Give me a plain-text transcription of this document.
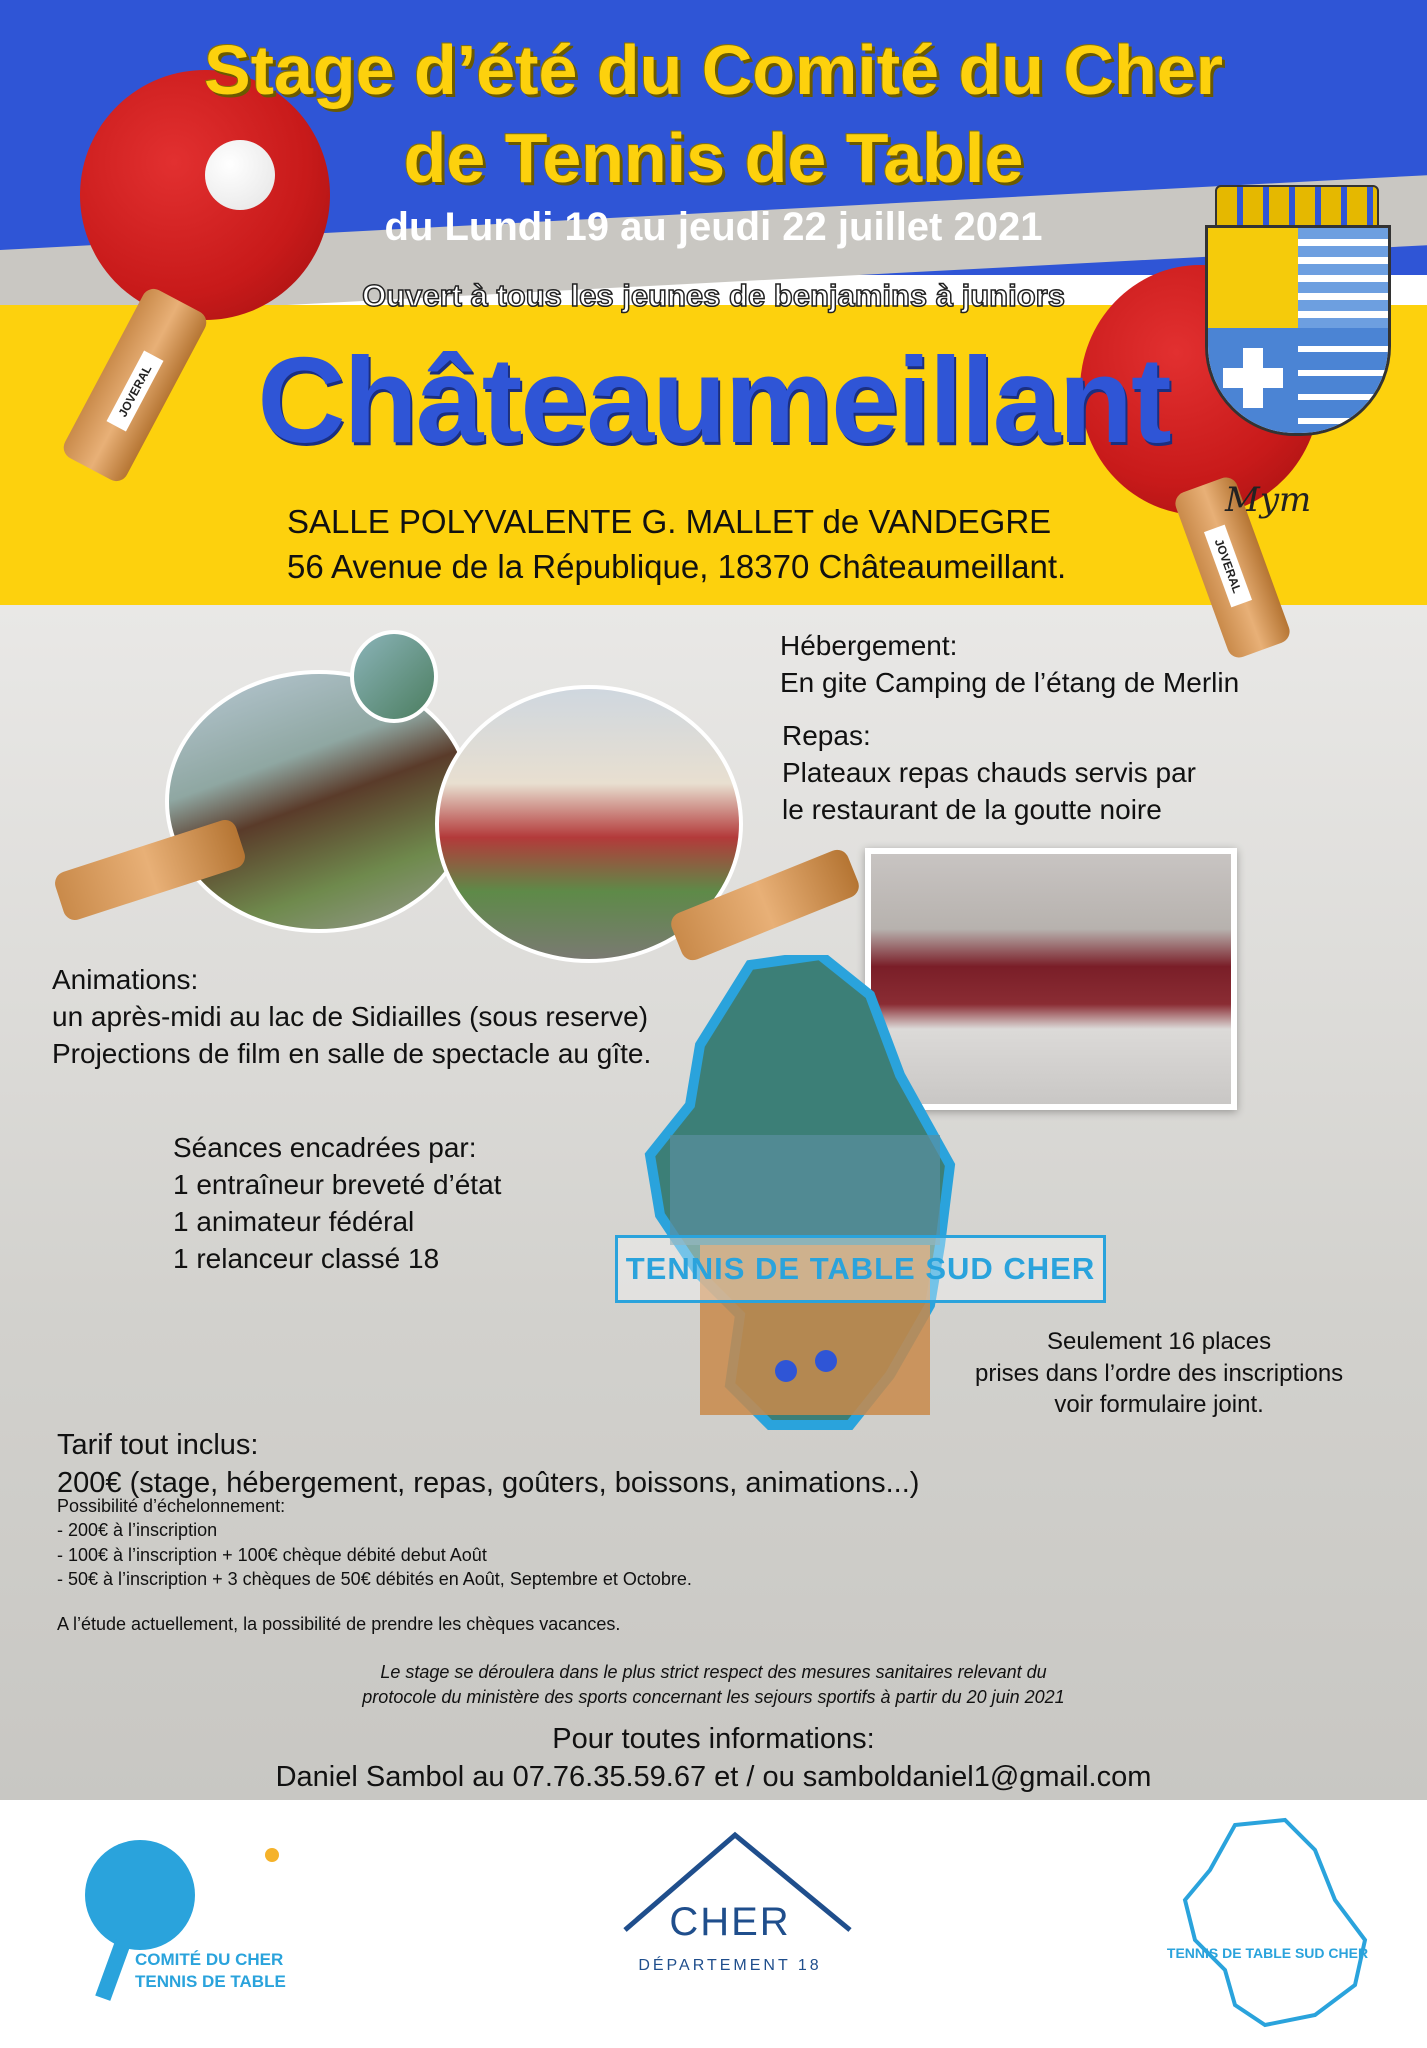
JOVERAL
JOVERAL
Stage d’été du Comité du Cher
de Tennis de Table
du Lundi 19 au jeudi 22 juillet 2021
Ouvert à tous les jeunes de benjamins à juniors
Châteaumeillant
Mym
SALLE POLYVALENTE G. MALLET de VANDEGRE
56 Avenue de la République, 18370 Châteaumeillant.
TENNIS DE TABLE SUD CHER
Hébergement:
En gite Camping de l’étang de Merlin
Repas:
Plateaux repas chauds servis par
le restaurant de la goutte noire
Animations:
un après-midi au lac de Sidiailles (sous reserve)
Projections de film en salle de spectacle au gîte.
Séances encadrées par:
1 entraîneur breveté d’état
1 animateur fédéral
1 relanceur classé 18
Seulement 16 places
prises dans l’ordre des inscriptions
voir formulaire joint.
Tarif tout inclus:
200€ (stage, hébergement, repas, goûters, boissons, animations...)
Possibilité d’échelonnement:
- 200€ à l’inscription
- 100€ à l’inscription + 100€ chèque débité debut Août
- 50€ à l’inscription + 3 chèques de 50€ débités en Août, Septembre et Octobre.
A l’étude actuellement, la possibilité de prendre les chèques vacances.
Le stage se déroulera dans le plus strict respect des mesures sanitaires relevant du
protocole du ministère des sports concernant les sejours sportifs à partir du 20 juin 2021
Pour toutes informations:
Daniel Sambol au 07.76.35.59.67 et / ou samboldaniel1@gmail.com
COMITÉ DU CHER
TENNIS DE TABLE
CHER
DÉPARTEMENT 18
TENNIS DE TABLE SUD CHER
